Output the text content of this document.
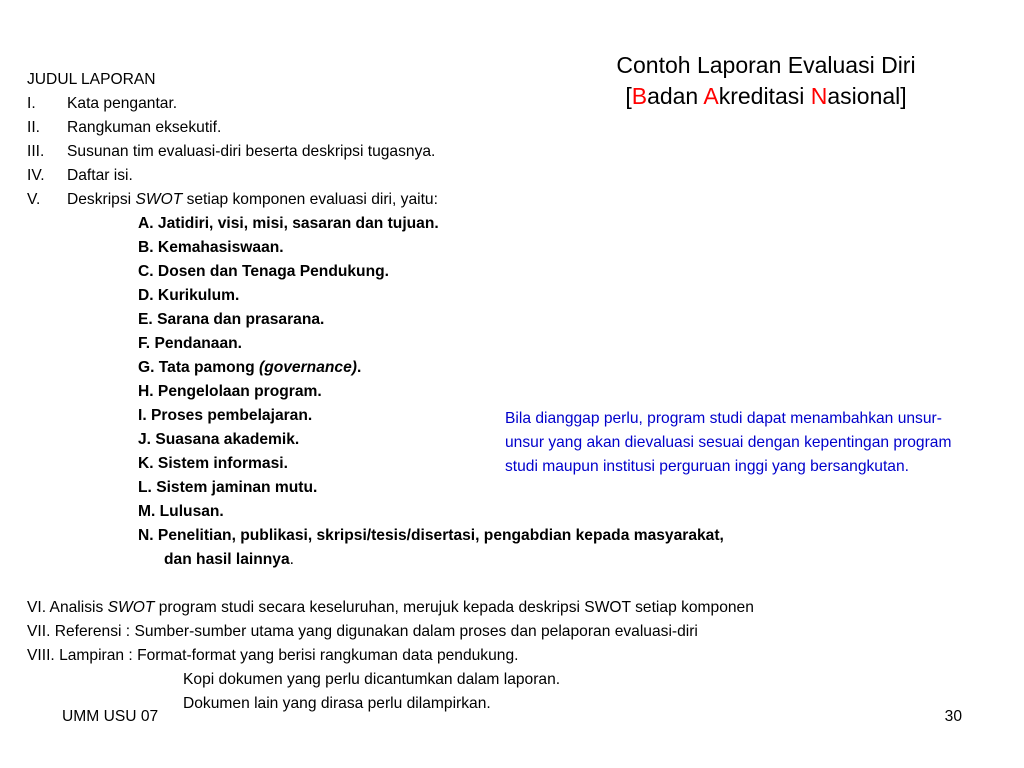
Contoh Laporan Evaluasi Diri
[Badan Akreditasi Nasional]
JUDUL LAPORAN
I.	Kata pengantar.
II.	Rangkuman eksekutif.
III.	Susunan tim evaluasi-diri beserta deskripsi tugasnya.
IV.	Daftar isi.
V.	Deskripsi SWOT setiap komponen evaluasi diri, yaitu:
A. Jatidiri, visi, misi, sasaran dan tujuan.
B. Kemahasiswaan.
C. Dosen dan Tenaga Pendukung.
D. Kurikulum.
E. Sarana dan prasarana.
F. Pendanaan.
G. Tata pamong (governance).
H. Pengelolaan program.
I. Proses pembelajaran.
J. Suasana akademik.
K. Sistem informasi.
L. Sistem jaminan mutu.
M. Lulusan.
N. Penelitian, publikasi, skripsi/tesis/disertasi, pengabdian kepada masyarakat,
dan hasil lainnya.
VI. Analisis SWOT program studi secara keseluruhan, merujuk kepada deskripsi SWOT setiap komponen
VII. Referensi : Sumber-sumber utama yang digunakan dalam proses dan pelaporan evaluasi-diri
VIII. Lampiran : Format-format yang berisi rangkuman data pendukung.
Kopi dokumen yang perlu dicantumkan dalam laporan.
Dokumen lain yang dirasa perlu dilampirkan.
Bila dianggap perlu, program studi dapat menambahkan unsur-unsur yang akan dievaluasi sesuai dengan kepentingan program studi maupun institusi perguruan inggi yang bersangkutan.
UMM USU 07	30
